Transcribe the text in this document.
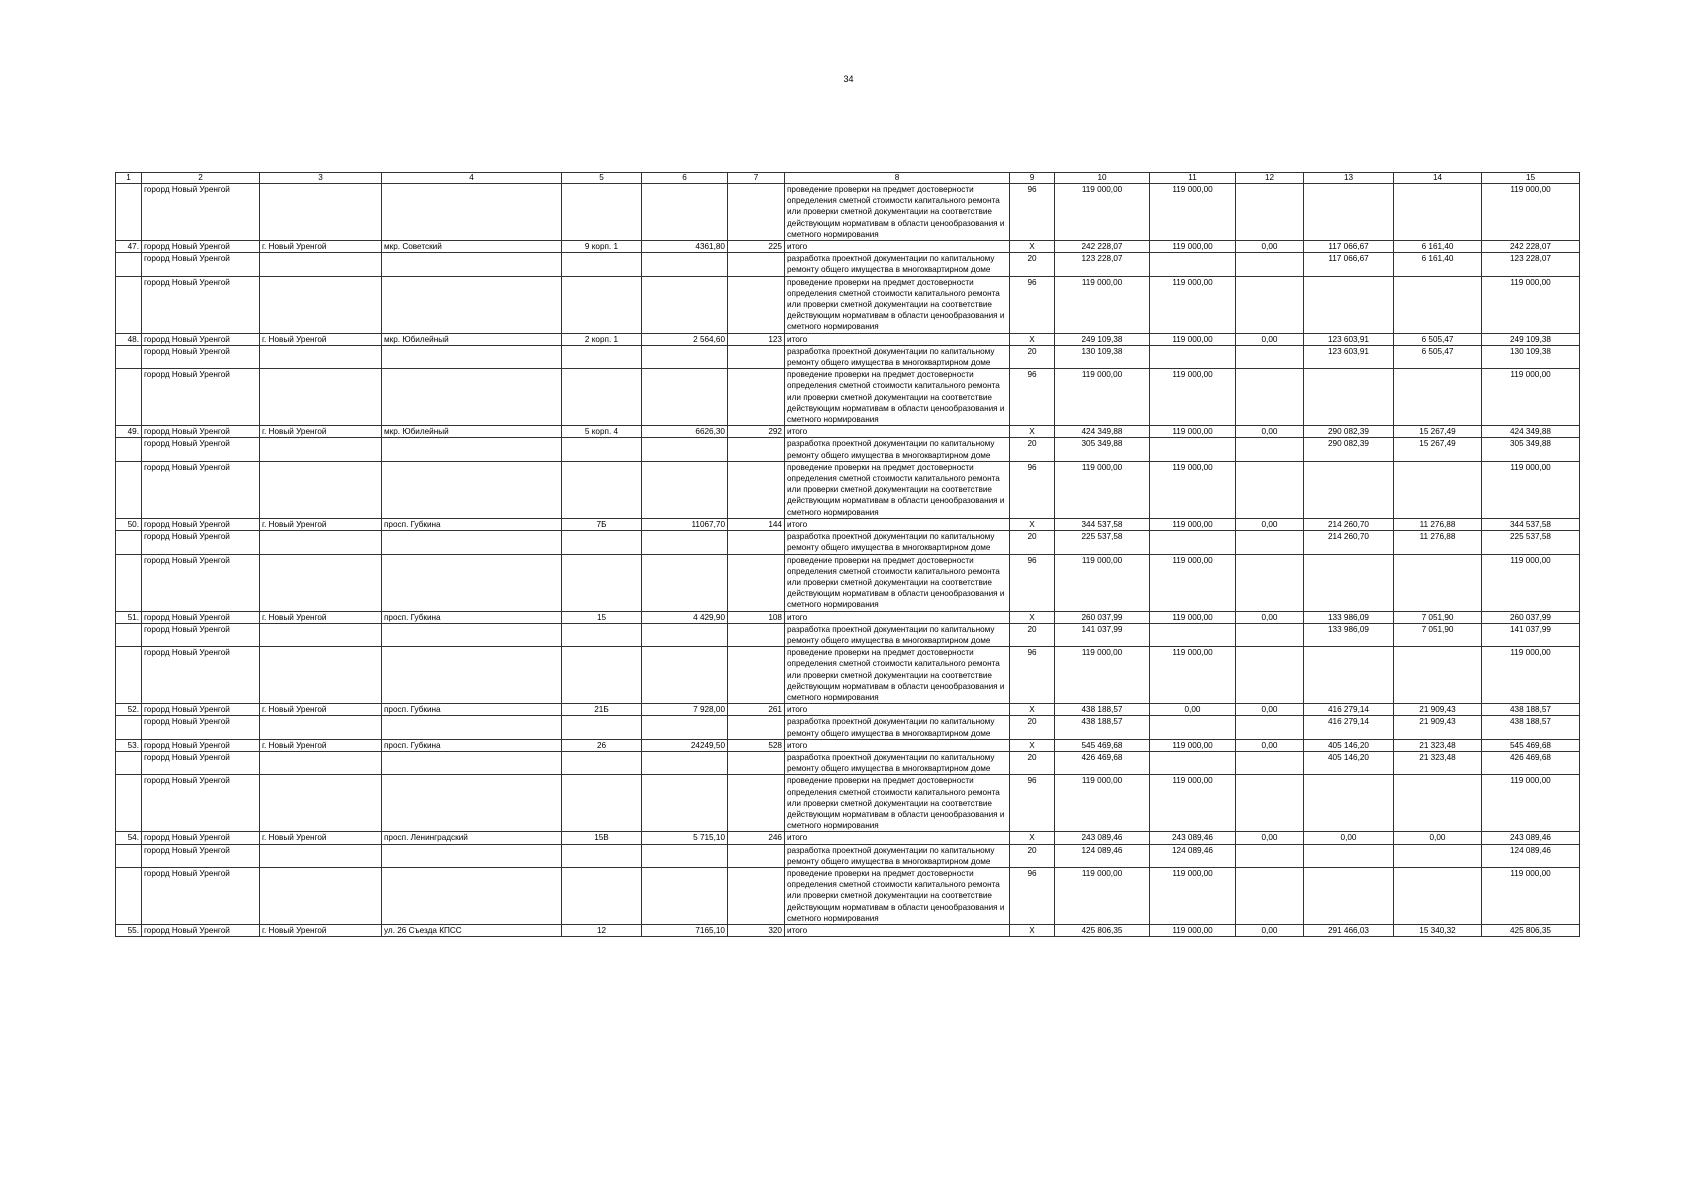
34
1	2	3	4	5	6	7	8	9	10	11	12	13	14	15
	горорд Новый Уренгой						проведение проверки на предмет достоверности определения сметной стоимости капитального ремонта или проверки сметной документации на соответствие действующим нормативам в области ценообразования и сметного нормирования	96	119 000,00	119 000,00				119 000,00
47.	горорд Новый Уренгой	г. Новый Уренгой	мкр. Советский	9 корп. 1	4361,80	225	итого	X	242 228,07	119 000,00	0,00	117 066,67	6 161,40	242 228,07
	горорд Новый Уренгой						разработка проектной документации по капитальному ремонту общего имущества в многоквартирном доме	20	123 228,07			117 066,67	6 161,40	123 228,07
	горорд Новый Уренгой						проведение проверки на предмет достоверности определения сметной стоимости капитального ремонта или проверки сметной документации на соответствие действующим нормативам в области ценообразования и сметного нормирования	96	119 000,00	119 000,00				119 000,00
48.	горорд Новый Уренгой	г. Новый Уренгой	мкр. Юбилейный	2 корп. 1	2 564,60	123	итого	X	249 109,38	119 000,00	0,00	123 603,91	6 505,47	249 109,38
	горорд Новый Уренгой						разработка проектной документации по капитальному ремонту общего имущества в многоквартирном доме	20	130 109,38			123 603,91	6 505,47	130 109,38
	горорд Новый Уренгой						проведение проверки на предмет достоверности определения сметной стоимости капитального ремонта или проверки сметной документации на соответствие действующим нормативам в области ценообразования и сметного нормирования	96	119 000,00	119 000,00				119 000,00
49.	горорд Новый Уренгой	г. Новый Уренгой	мкр. Юбилейный	5 корп. 4	6626,30	292	итого	X	424 349,88	119 000,00	0,00	290 082,39	15 267,49	424 349,88
	горорд Новый Уренгой						разработка проектной документации по капитальному ремонту общего имущества в многоквартирном доме	20	305 349,88			290 082,39	15 267,49	305 349,88
	горорд Новый Уренгой						проведение проверки на предмет достоверности определения сметной стоимости капитального ремонта или проверки сметной документации на соответствие действующим нормативам в области ценообразования и сметного нормирования	96	119 000,00	119 000,00				119 000,00
50.	горорд Новый Уренгой	г. Новый Уренгой	просп. Губкина	7Б	11067,70	144	итого	X	344 537,58	119 000,00	0,00	214 260,70	11 276,88	344 537,58
	горорд Новый Уренгой						разработка проектной документации по капитальному ремонту общего имущества в многоквартирном доме	20	225 537,58			214 260,70	11 276,88	225 537,58
	горорд Новый Уренгой						проведение проверки на предмет достоверности определения сметной стоимости капитального ремонта или проверки сметной документации на соответствие действующим нормативам в области ценообразования и сметного нормирования	96	119 000,00	119 000,00				119 000,00
51.	горорд Новый Уренгой	г. Новый Уренгой	просп. Губкина	15	4 429,90	108	итого	X	260 037,99	119 000,00	0,00	133 986,09	7 051,90	260 037,99
	горорд Новый Уренгой						разработка проектной документации по капитальному ремонту общего имущества в многоквартирном доме	20	141 037,99			133 986,09	7 051,90	141 037,99
	горорд Новый Уренгой						проведение проверки на предмет достоверности определения сметной стоимости капитального ремонта или проверки сметной документации на соответствие действующим нормативам в области ценообразования и сметного нормирования	96	119 000,00	119 000,00				119 000,00
52.	горорд Новый Уренгой	г. Новый Уренгой	просп. Губкина	21Б	7 928,00	261	итого	X	438 188,57	0,00	0,00	416 279,14	21 909,43	438 188,57
	горорд Новый Уренгой						разработка проектной документации по капитальному ремонту общего имущества в многоквартирном доме	20	438 188,57			416 279,14	21 909,43	438 188,57
53.	горорд Новый Уренгой	г. Новый Уренгой	просп. Губкина	26	24249,50	528	итого	X	545 469,68	119 000,00	0,00	405 146,20	21 323,48	545 469,68
	горорд Новый Уренгой						разработка проектной документации по капитальному ремонту общего имущества в многоквартирном доме	20	426 469,68			405 146,20	21 323,48	426 469,68
	горорд Новый Уренгой						проведение проверки на предмет достоверности определения сметной стоимости капитального ремонта или проверки сметной документации на соответствие действующим нормативам в области ценообразования и сметного нормирования	96	119 000,00	119 000,00				119 000,00
54.	горорд Новый Уренгой	г. Новый Уренгой	просп. Ленинградский	15В	5 715,10	246	итого	X	243 089,46	243 089,46	0,00	0,00	0,00	243 089,46
	горорд Новый Уренгой						разработка проектной документации по капитальному ремонту общего имущества в многоквартирном доме	20	124 089,46	124 089,46				124 089,46
	горорд Новый Уренгой						проведение проверки на предмет достоверности определения сметной стоимости капитального ремонта или проверки сметной документации на соответствие действующим нормативам в области ценообразования и сметного нормирования	96	119 000,00	119 000,00				119 000,00
55.	горорд Новый Уренгой	г. Новый Уренгой	ул. 26 Съезда КПСС	12	7165,10	320	итого	X	425 806,35	119 000,00	0,00	291 466,03	15 340,32	425 806,35
